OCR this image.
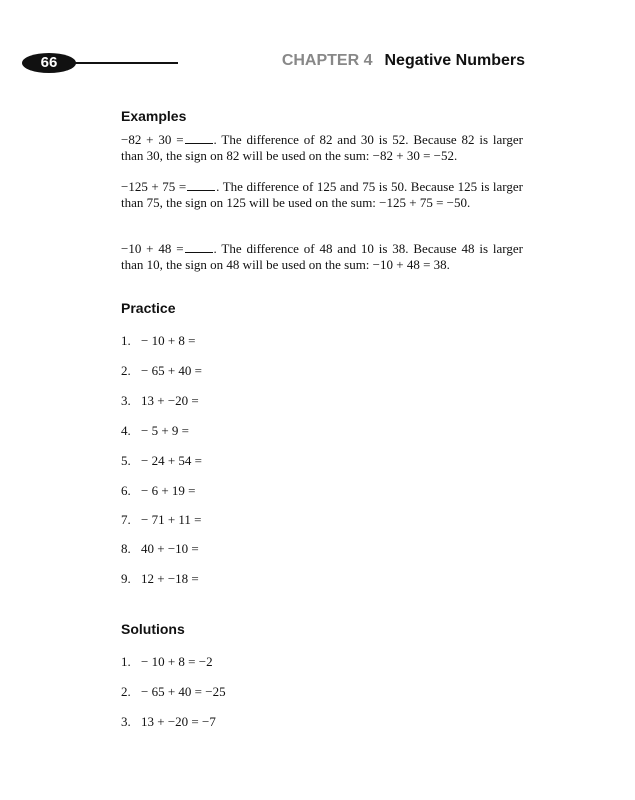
66	CHAPTER 4 Negative Numbers
Examples
−82 + 30 = . The difference of 82 and 30 is 52. Because 82 is larger than 30, the sign on 82 will be used on the sum: −82 + 30 = −52.
−125 + 75 = . The difference of 125 and 75 is 50. Because 125 is larger than 75, the sign on 125 will be used on the sum: −125 + 75 = −50.
−10 + 48 = . The difference of 48 and 10 is 38. Because 48 is larger than 10, the sign on 48 will be used on the sum: −10 + 48 = 38.
Practice
1. − 10 + 8 =
2. − 65 + 40 =
3. 13 + −20 =
4. − 5 + 9 =
5. − 24 + 54 =
6. − 6 + 19 =
7. − 71 + 11 =
8. 40 + −10 =
9. 12 + −18 =
Solutions
1. − 10 + 8 = −2
2. − 65 + 40 = −25
3. 13 + −20 = −7
